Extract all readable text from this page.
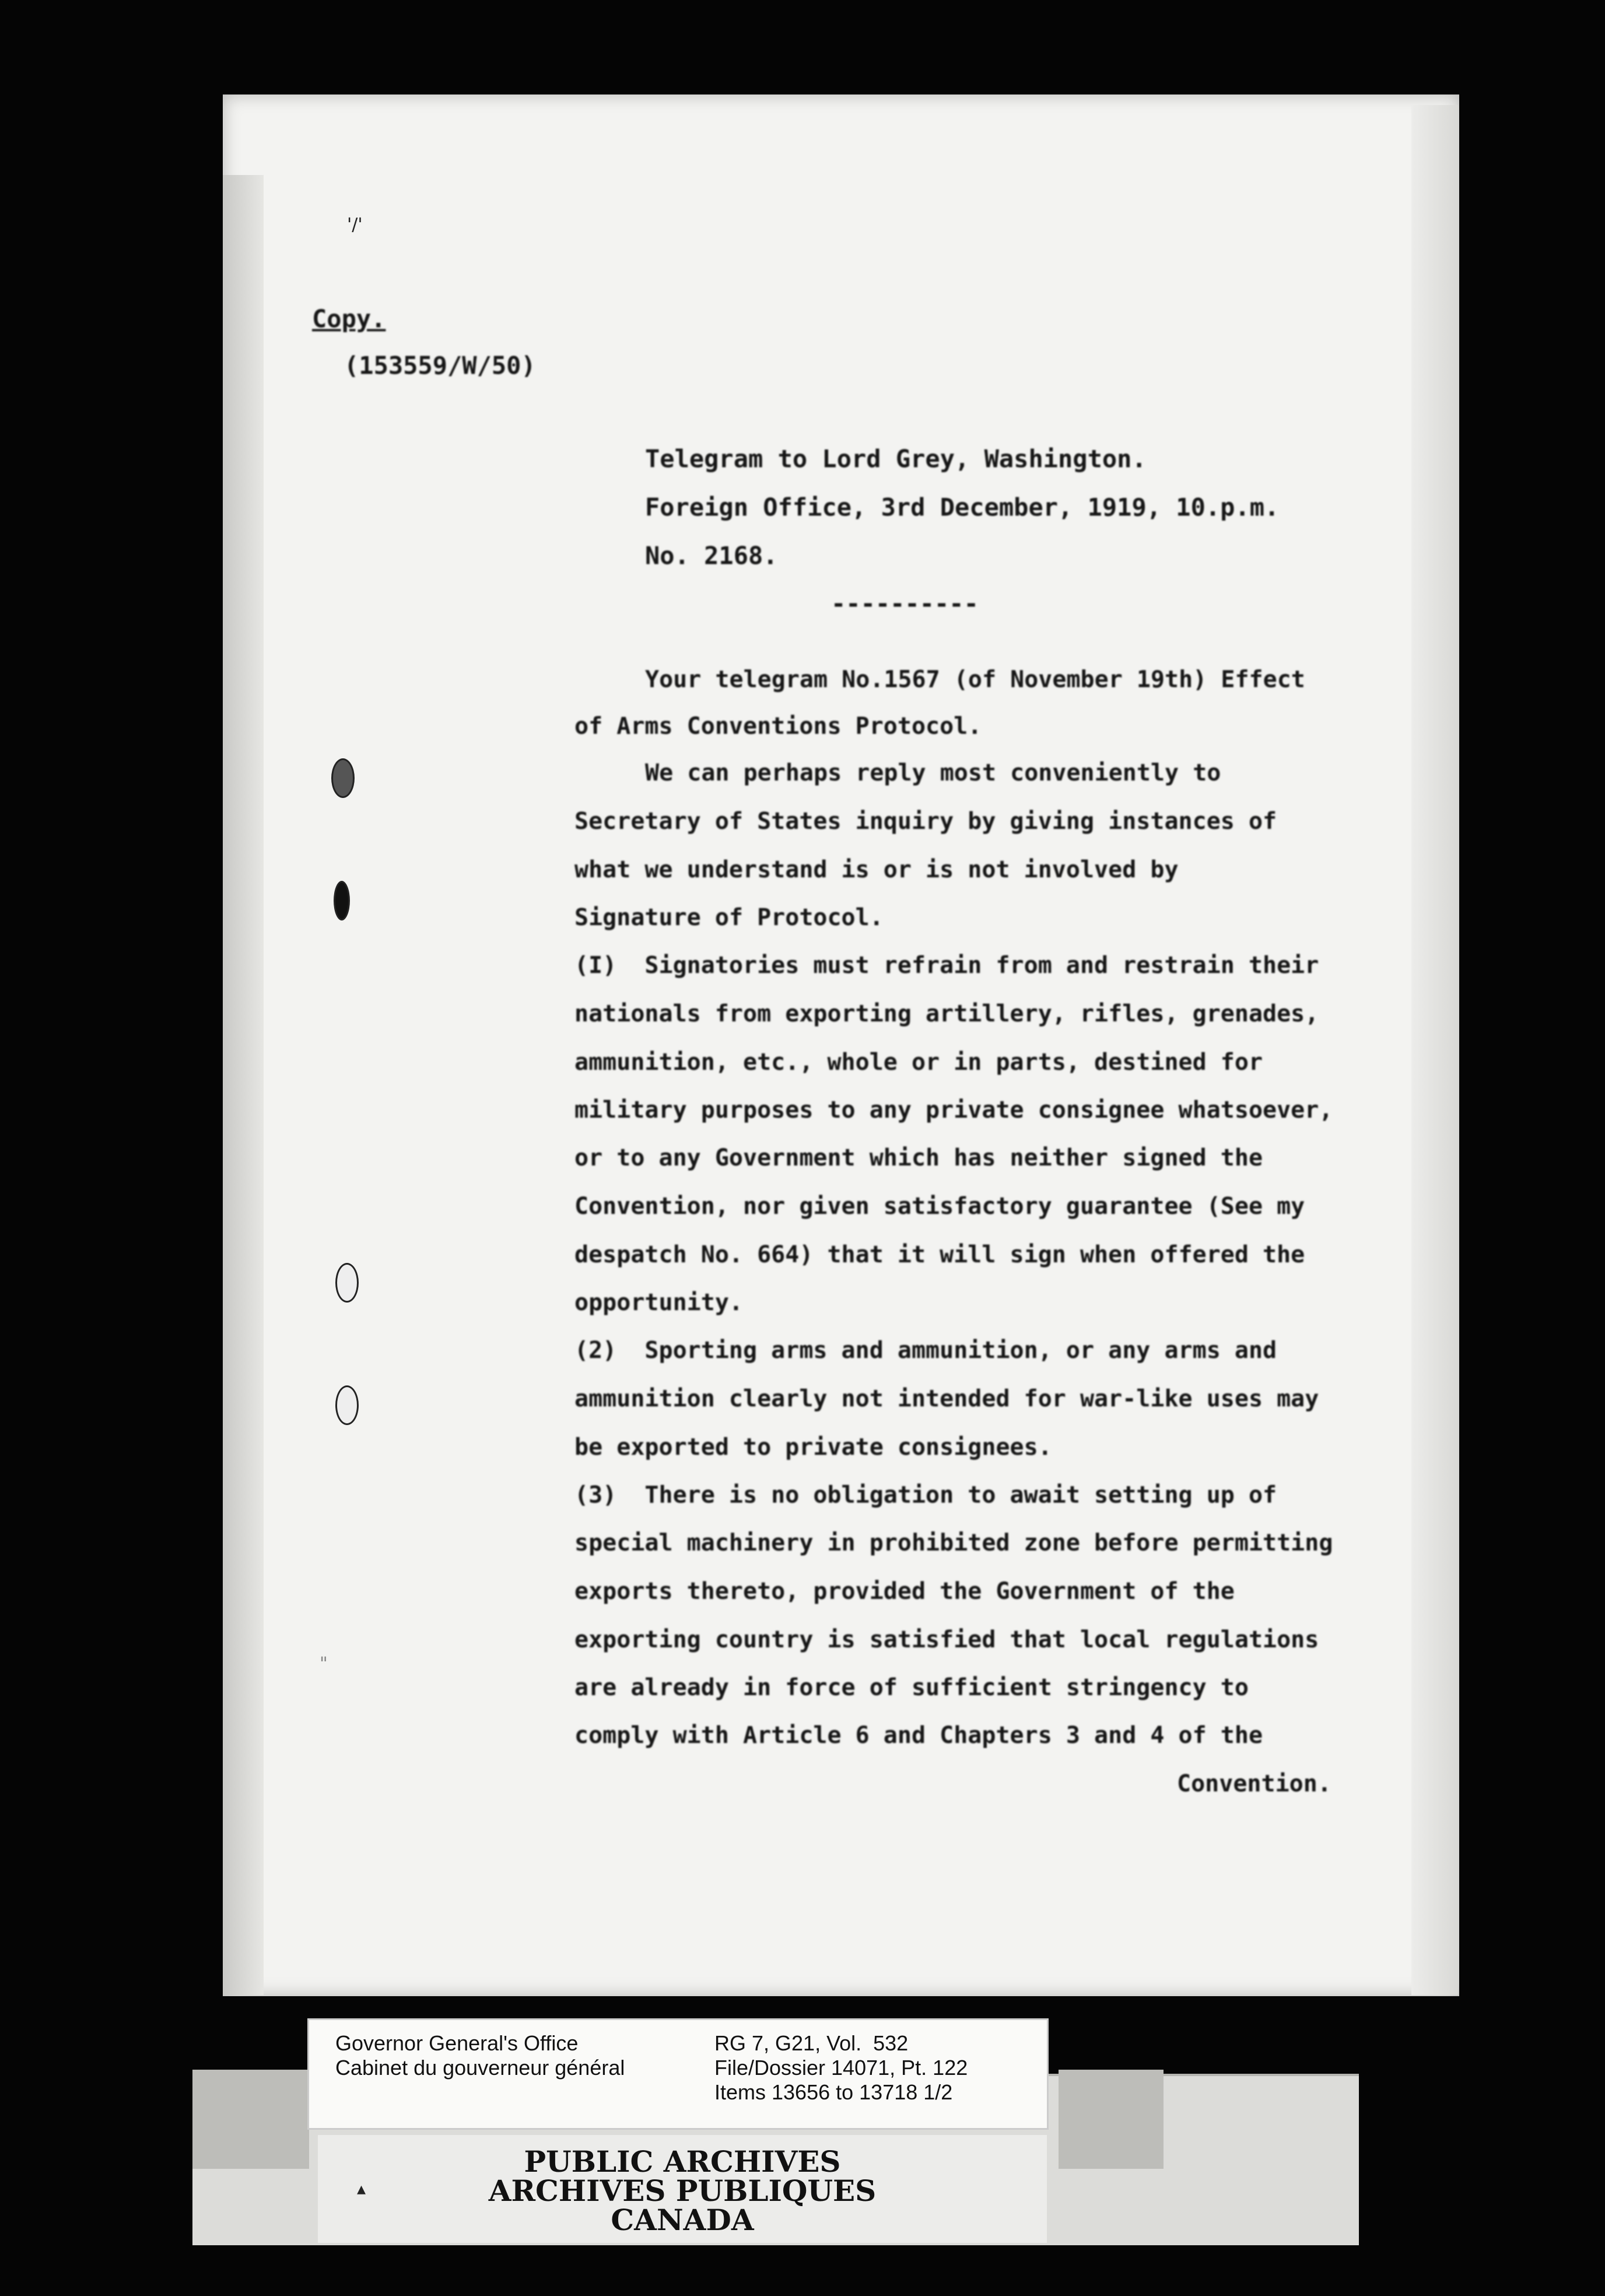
'/'
Copy.
(153559/W/50)
Telegram to Lord Grey, Washington.
Foreign Office, 3rd December, 1919, 10.p.m.
No. 2168.
----------
Your telegram No.1567 (of November 19th) Effect
of Arms Conventions Protocol.
We can perhaps reply most conveniently to
Secretary of States inquiry by giving instances of
what we understand is or is not involved by
Signature of Protocol.
(I)  Signatories must refrain from and restrain their
nationals from exporting artillery, rifles, grenades,
ammunition, etc., whole or in parts, destined for
military purposes to any private consignee whatsoever,
or to any Government which has neither signed the
Convention, nor given satisfactory guarantee (See my
despatch No. 664) that it will sign when offered the
opportunity.
(2)  Sporting arms and ammunition, or any arms and
ammunition clearly not intended for war-like uses may
be exported to private consignees.
(3)  There is no obligation to await setting up of
special machinery in prohibited zone before permitting
exports thereto, provided the Government of the
exporting country is satisfied that local regulations
are already in force of sufficient stringency to
comply with Article 6 and Chapters 3 and 4 of the
Convention.
"
PUBLIC ARCHIVES
ARCHIVES PUBLIQUES
CANADA
▴
Governor General's Office
Cabinet du gouverneur général
RG 7, G21, Vol.  532
File/Dossier 14071, Pt. 122
Items 13656 to 13718 1/2
